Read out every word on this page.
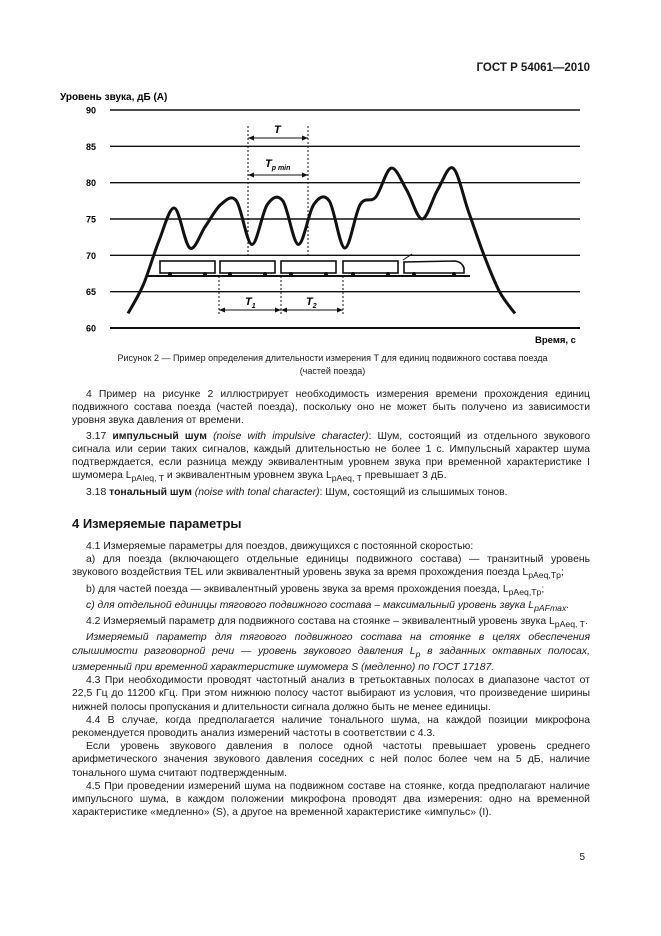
ГОСТ Р 54061—2010
Уровень звука, дБ (А)
60
65
70
75
80
85
90
T
$T_{p min}$
$T_1$	$T_2$
Время, с
Рисунок 2 — Пример определения длительности измерения T для единиц подвижного состава поезда
(частей поезда)

4 Пример на рисунке 2 иллюстрирует необходимость измерения времени прохождения единиц подвижного состава поезда (частей поезда), поскольку оно не может быть получено из зависимости уровня звука давления от времени.

3.17 импульсный шум (noise with impulsive character): Шум, состоящий из отдельного звукового сигнала или серии таких сигналов, каждый длительностью не более 1 с. Импульсный характер шума подтверждается, если разница между эквивалентным уровнем звука при временной характеристике I шумомера $L_{pAIeq, T}$ и эквивалентным уровнем звука $L_{pAeq, T}$ превышает 3 дБ.

3.18 тональный шум (noise with tonal character): Шум, состоящий из слышимых тонов.

4 Измеряемые параметры

4.1 Измеряемые параметры для поездов, движущихся с постоянной скоростью:

а) для поезда (включающего отдельные единицы подвижного состава) — транзитный уровень звукового воздействия TEL или эквивалентный уровень звука за время прохождения поезда $L_{pAeq,Tp}$;

b) для частей поезда — эквивалентный уровень звука за время прохождения поезда, $L_{pAeq,Tp}$;

c) для отдельной единицы тягового подвижного состава – максимальный уровень звука $L_{pAFmax}$.

4.2 Измеряемый параметр для подвижного состава на стоянке – эквивалентный уровень звука $L_{pAeq, T}$.

Измеряемый параметр для тягового подвижного состава на стоянке в целях обеспечения слышимости разговорной речи — уровень звукового давления $L_p$ в заданных октавных полосах, измеренный при временной характеристике шумомера S (медленно) по ГОСТ 17187.

4.3 При необходимости проводят частотный анализ в третьоктавных полосах в диапазоне частот от 22,5 Гц до 11200 кГц. При этом нижнюю полосу частот выбирают из условия, что произведение ширины нижней полосы пропускания и длительности сигнала должно быть не менее единицы.

4.4 В случае, когда предполагается наличие тонального шума, на каждой позиции микрофона рекомендуется проводить анализ измерений частоты в соответствии с 4.3.

Если уровень звукового давления в полосе одной частоты превышает уровень среднего арифметического значения звукового давления соседних с ней полос более чем на 5 дБ, наличие тонального шума считают подтвержденным.

4.5 При проведении измерений шума на подвижном составе на стоянке, когда предполагают наличие импульсного шума, в каждом положении микрофона проводят два измерения: одно на временной характеристике «медленно» (S), а другое на временной характеристике «импульс» (I).

5
